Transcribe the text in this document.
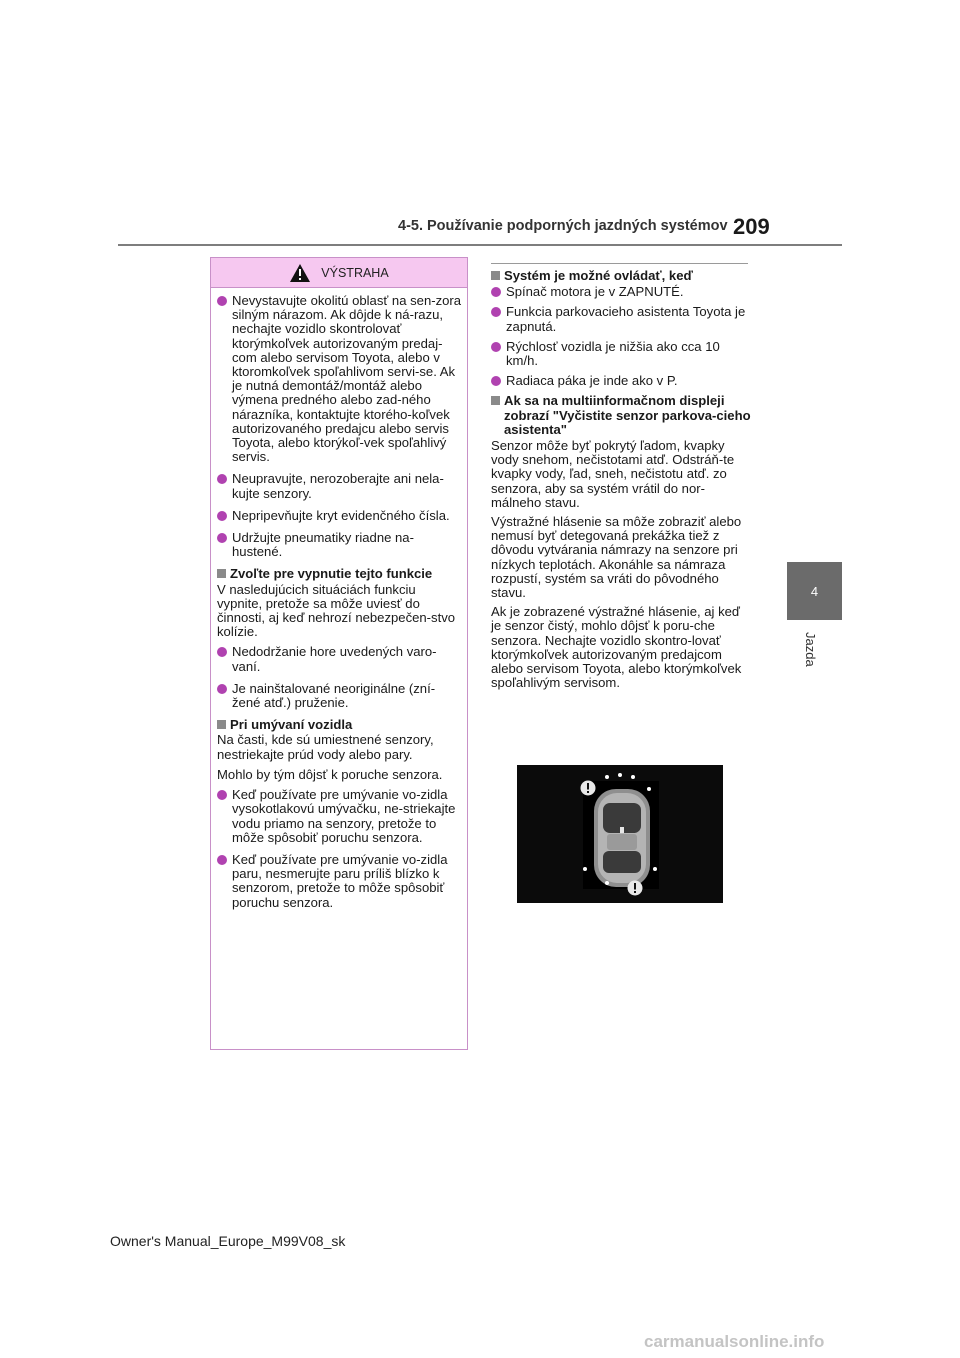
4-5. Používanie podporných jazdných systémov 209
4
Jazda
VÝSTRAHA

Nevystavujte okolitú oblasť na sen-zora silným nárazom. Ak dôjde k ná-razu, nechajte vozidlo skontrolovať ktorýmkoľvek autorizovaným predaj-com alebo servisom Toyota, alebo v ktoromkoľvek spoľahlivom servi-se. Ak je nutná demontáž/montáž alebo výmena predného alebo zad-ného nárazníka, kontaktujte ktorého-koľvek autorizovaného predajcu alebo servis Toyota, alebo ktorýkoľ-vek spoľahlivý servis.

Neupravujte, nerozoberajte ani nela-kujte senzory.

Nepripevňujte kryt evidenčného čísla.

Udržujte pneumatiky riadne na-hustené.

Zvoľte pre vypnutie tejto funkcie

V nasledujúcich situáciách funkciu vypnite, pretože sa môže uviesť do činnosti, aj keď nehrozí nebezpečen-stvo kolízie.

Nedodržanie hore uvedených varo-vaní.

Je nainštalované neoriginálne (zní-žené atď.) pruženie.

Pri umývaní vozidla

Na časti, kde sú umiestnené senzory, nestriekajte prúd vody alebo pary.

Mohlo by tým dôjsť k poruche senzora.

Keď používate pre umývanie vo-zidla vysokotlakovú umývačku, ne-striekajte vodu priamo na senzory, pretože to môže spôsobiť poruchu senzora.

Keď používate pre umývanie vo-zidla paru, nesmerujte paru príliš blízko k senzorom, pretože to môže spôsobiť poruchu senzora.

Systém je možné ovládať, keď

Spínač motora je v ZAPNUTÉ.

Funkcia parkovacieho asistenta Toyota je zapnutá.

Rýchlosť vozidla je nižšia ako cca 10 km/h.

Radiaca páka je inde ako v P.

Ak sa na multiinformačnom displeji zobrazí "Vyčistite senzor parkova-cieho asistenta"

Senzor môže byť pokrytý ľadom, kvapky vody snehom, nečistotami atď. Odstráň-te kvapky vody, ľad, sneh, nečistotu atď. zo senzora, aby sa systém vrátil do nor-málneho stavu.

Výstražné hlásenie sa môže zobraziť alebo nemusí byť detegovaná prekážka tiež z dôvodu vytvárania námrazy na senzore pri nízkych teplotách. Akonáhle sa námraza rozpustí, systém sa vráti do pôvodného stavu.

Ak je zobrazené výstražné hlásenie, aj keď je senzor čistý, mohlo dôjsť k poru-che senzora. Nechajte vozidlo skontro-lovať ktorýmkoľvek autorizovaným predajcom alebo servisom Toyota, alebo ktorýmkoľvek spoľahlivým servisom.

Owner's Manual_Europe_M99V08_sk
carmanualsonline.info
